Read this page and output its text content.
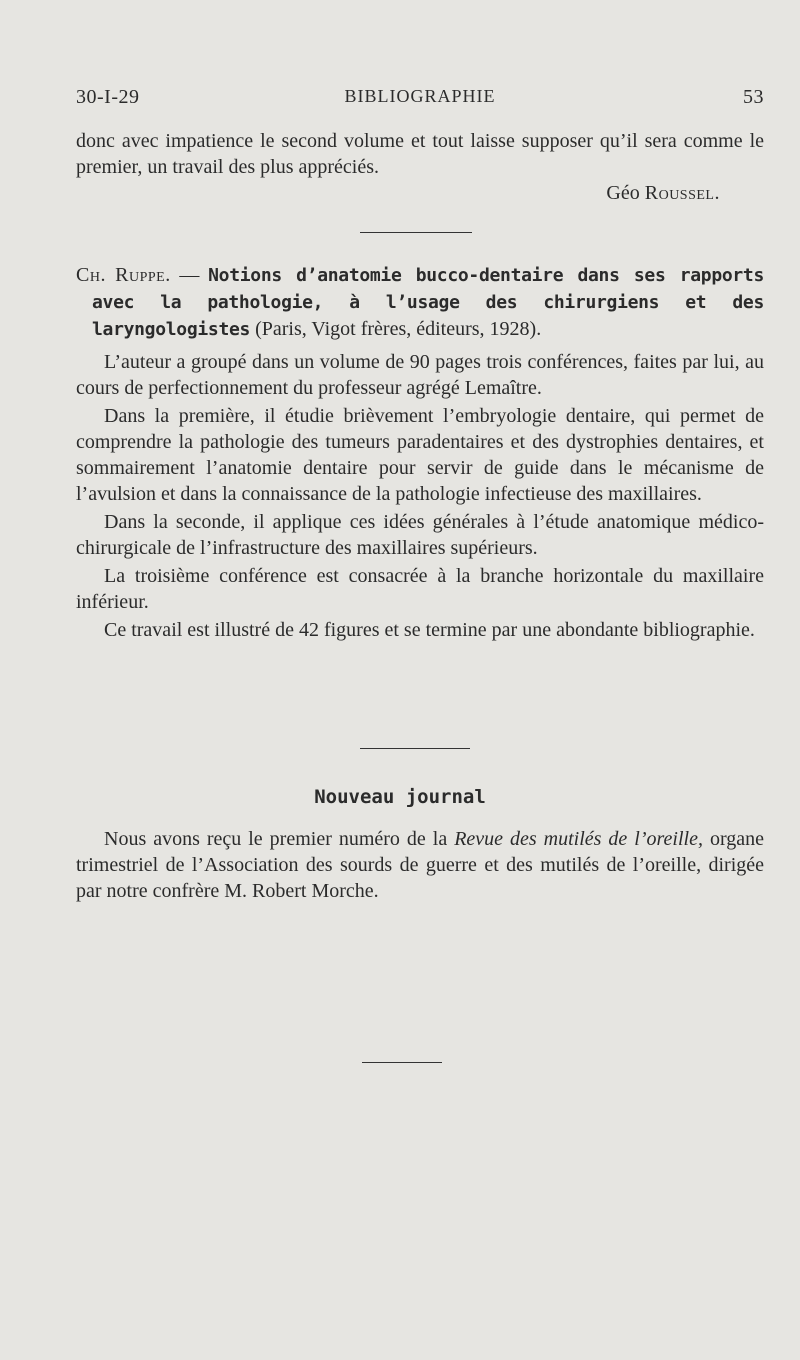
30-I-29	BIBLIOGRAPHIE	53

donc avec impatience le second volume et tout laisse supposer qu’il sera comme le premier, un travail des plus appréciés.

Géo Roussel.

Ch. Ruppe. — Notions d’anatomie bucco-dentaire dans ses rapports avec la pathologie, à l’usage des chirurgiens et des laryngologistes (Paris, Vigot frères, éditeurs, 1928).

L’auteur a groupé dans un volume de 90 pages trois conférences, faites par lui, au cours de perfectionnement du professeur agrégé Lemaître.

Dans la première, il étudie brièvement l’embryologie dentaire, qui permet de comprendre la pathologie des tumeurs paradentaires et des dystrophies dentaires, et sommairement l’anatomie dentaire pour servir de guide dans le mécanisme de l’avulsion et dans la connaissance de la pathologie infectieuse des maxillaires.

Dans la seconde, il applique ces idées générales à l’étude anatomique médico-chirurgicale de l’infrastructure des maxillaires supérieurs.

La troisième conférence est consacrée à la branche horizontale du maxillaire inférieur.

Ce travail est illustré de 42 figures et se termine par une abondante bibliographie.

Nouveau journal

Nous avons reçu le premier numéro de la Revue des mutilés de l’oreille, organe trimestriel de l’Association des sourds de guerre et des mutilés de l’oreille, dirigée par notre confrère M. Robert Morche.
